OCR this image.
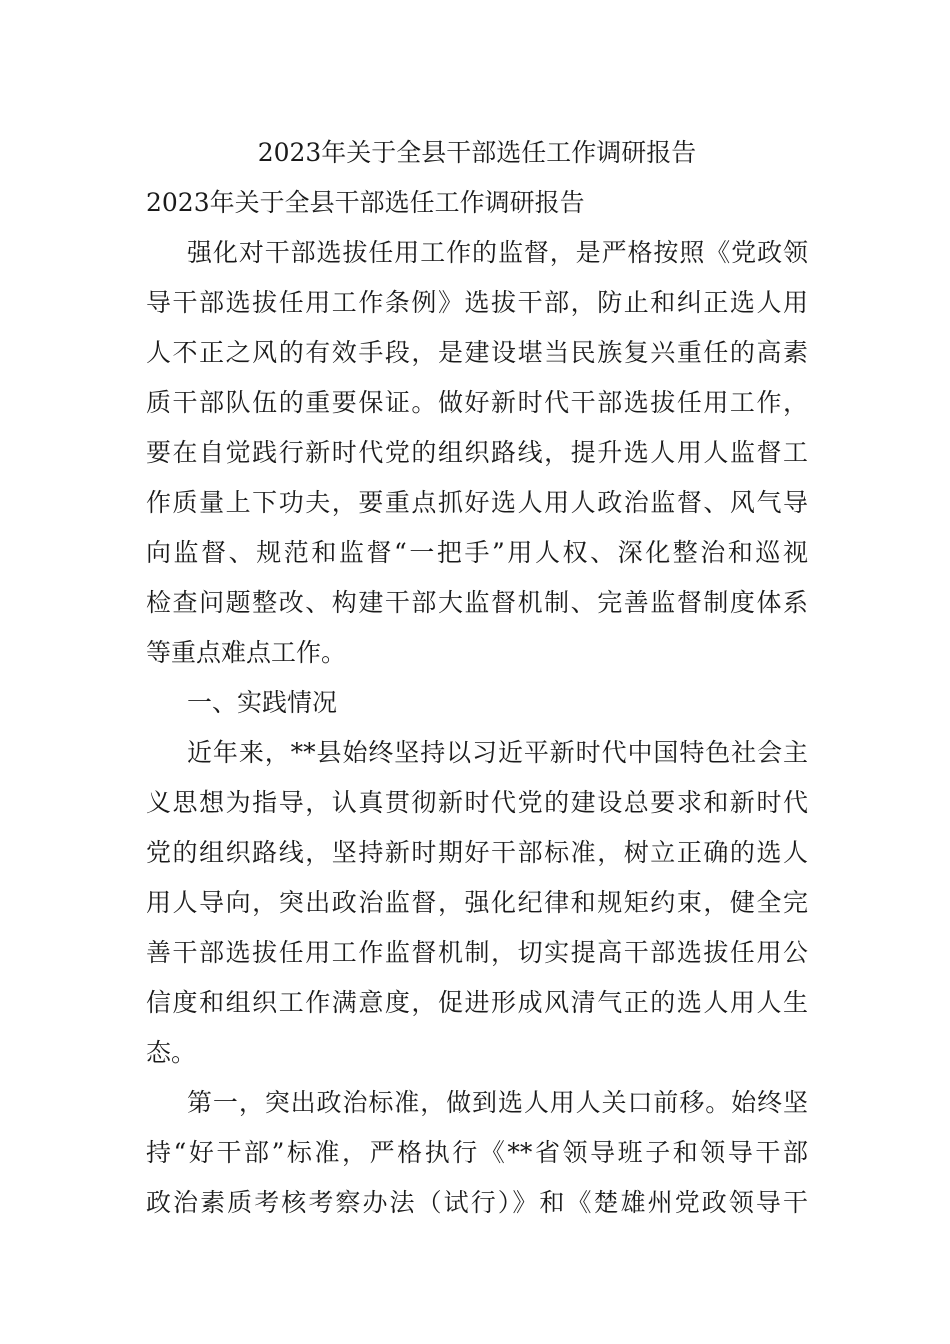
2023年关于全县干部选任工作调研报告
2023年关于全县干部选任工作调研报告
强化对干部选拔任用工作的监督，是严格按照《党政领
导干部选拔任用工作条例》选拔干部，防止和纠正选人用
人不正之风的有效手段，是建设堪当民族复兴重任的高素
质干部队伍的重要保证。做好新时代干部选拔任用工作，
要在自觉践行新时代党的组织路线，提升选人用人监督工
作质量上下功夫，要重点抓好选人用人政治监督、风气导
向监督、规范和监督“一把手”用人权、深化整治和巡视
检查问题整改、构建干部大监督机制、完善监督制度体系
等重点难点工作。
一、实践情况
近年来，**县始终坚持以习近平新时代中国特色社会主
义思想为指导，认真贯彻新时代党的建设总要求和新时代
党的组织路线，坚持新时期好干部标准，树立正确的选人
用人导向，突出政治监督，强化纪律和规矩约束，健全完
善干部选拔任用工作监督机制，切实提高干部选拔任用公
信度和组织工作满意度，促进形成风清气正的选人用人生
态。
第一，突出政治标准，做到选人用人关口前移。始终坚
持“好干部”标准，严格执行《**省领导班子和领导干部
政治素质考核考察办法（试行）》和《楚雄州党政领导干
